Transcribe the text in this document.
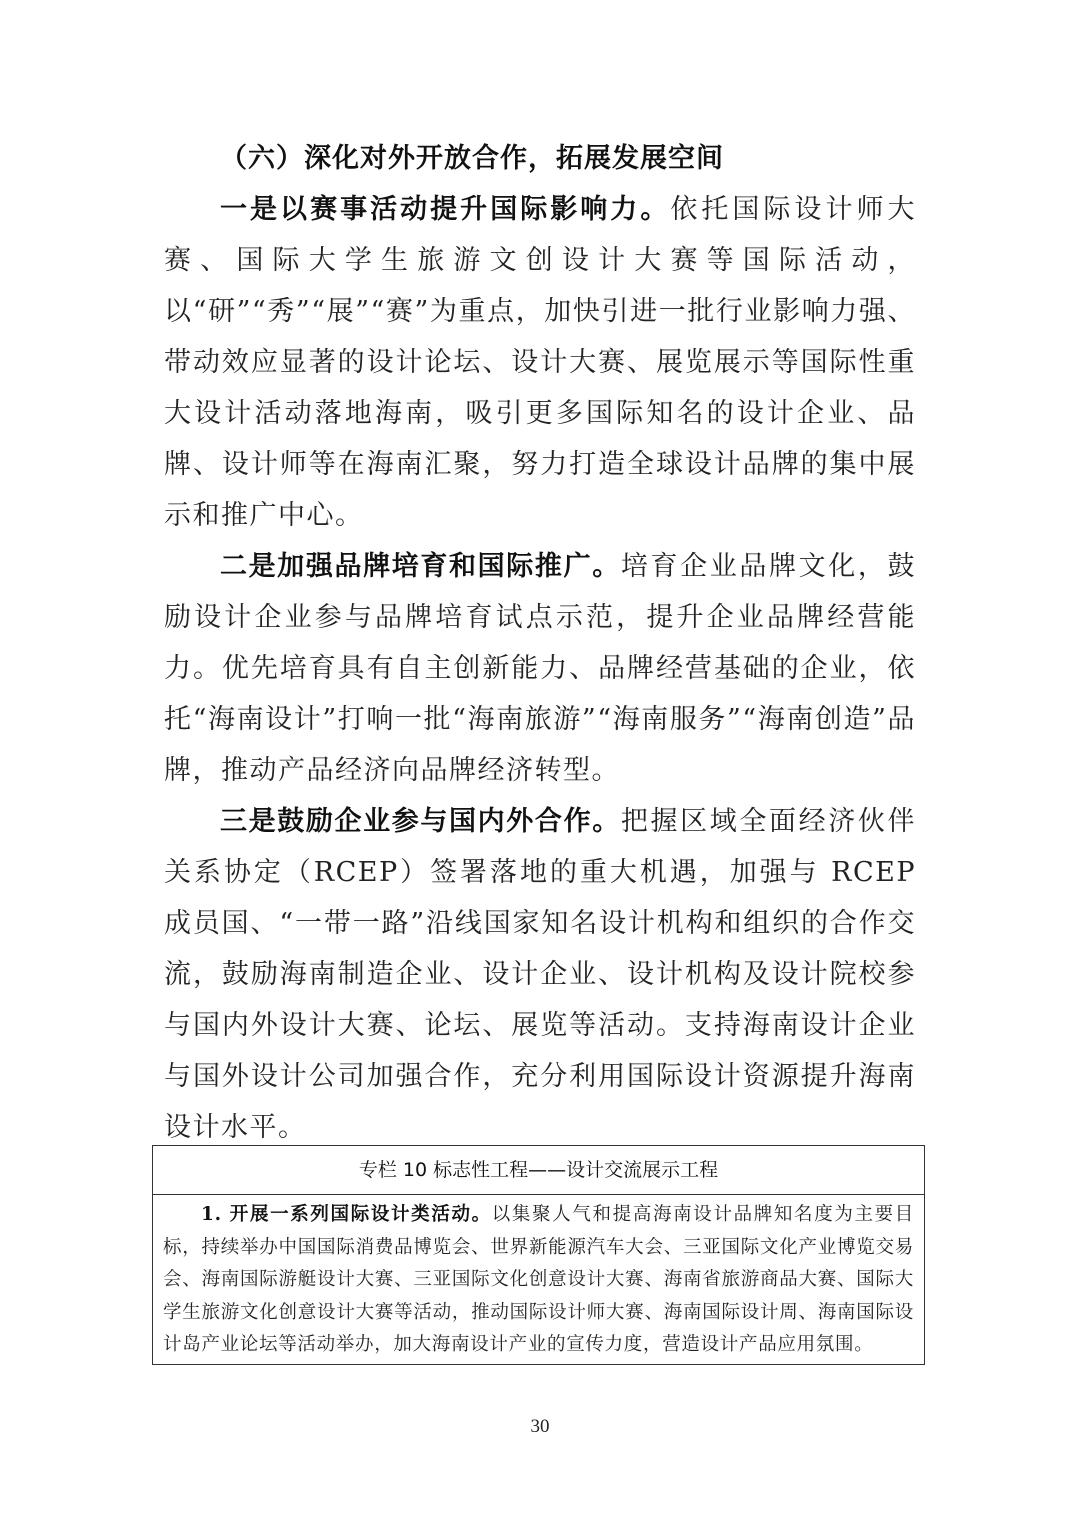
（六）深化对外开放合作，拓展发展空间

一是以赛事活动提升国际影响力。依托国际设计师大赛、国际大学生旅游文创设计大赛等国际活动，以“研”“秀”“展”“赛”为重点，加快引进一批行业影响力强、带动效应显著的设计论坛、设计大赛、展览展示等国际性重大设计活动落地海南，吸引更多国际知名的设计企业、品牌、设计师等在海南汇聚，努力打造全球设计品牌的集中展示和推广中心。

二是加强品牌培育和国际推广。培育企业品牌文化，鼓励设计企业参与品牌培育试点示范，提升企业品牌经营能力。优先培育具有自主创新能力、品牌经营基础的企业，依托“海南设计”打响一批“海南旅游”“海南服务”“海南创造”品牌，推动产品经济向品牌经济转型。

三是鼓励企业参与国内外合作。把握区域全面经济伙伴关系协定（RCEP）签署落地的重大机遇，加强与 RCEP 成员国、“一带一路”沿线国家知名设计机构和组织的合作交流，鼓励海南制造企业、设计企业、设计机构及设计院校参与国内外设计大赛、论坛、展览等活动。支持海南设计企业与国外设计公司加强合作，充分利用国际设计资源提升海南设计水平。

专栏 10 标志性工程——设计交流展示工程
1. 开展一系列国际设计类活动。以集聚人气和提高海南设计品牌知名度为主要目标，持续举办中国国际消费品博览会、世界新能源汽车大会、三亚国际文化产业博览交易会、海南国际游艇设计大赛、三亚国际文化创意设计大赛、海南省旅游商品大赛、国际大学生旅游文化创意设计大赛等活动，推动国际设计师大赛、海南国际设计周、海南国际设计岛产业论坛等活动举办，加大海南设计产业的宣传力度，营造设计产品应用氛围。
30
